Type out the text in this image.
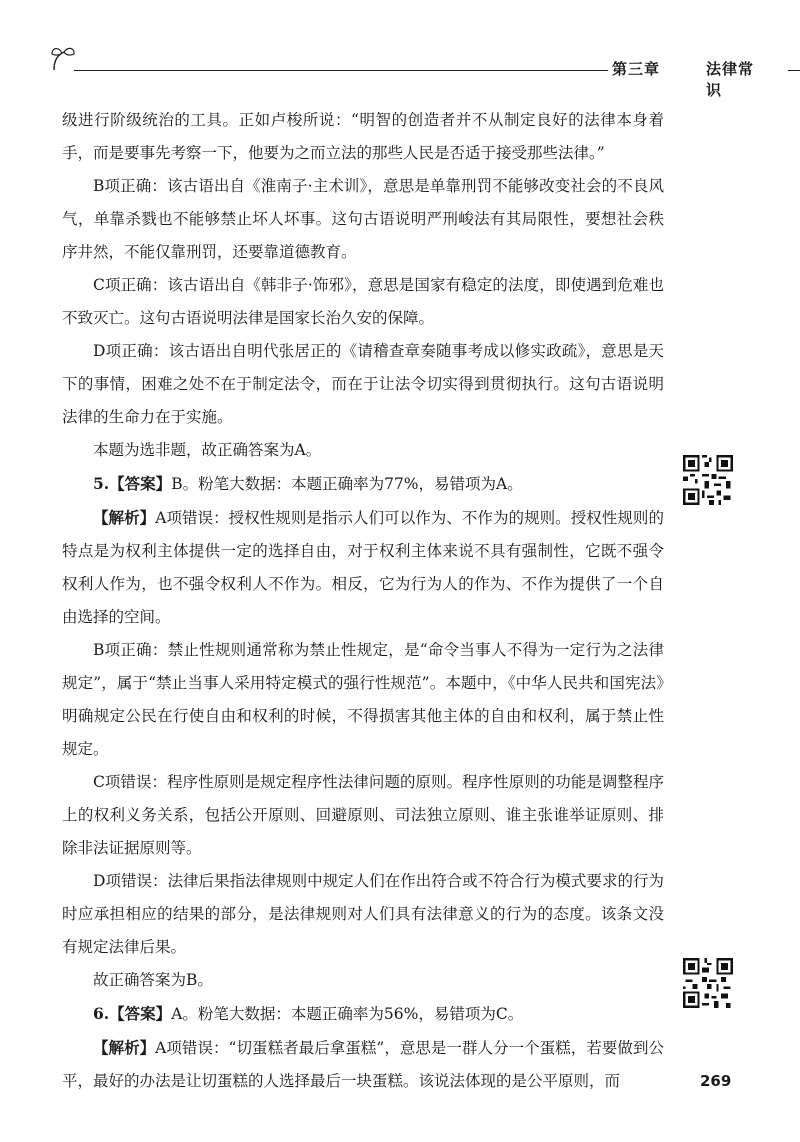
第三章	法律常识

级进行阶级统治的工具。正如卢梭所说：“明智的创造者并不从制定良好的法律本身着手，而是要事先考察一下，他要为之而立法的那些人民是否适于接受那些法律。”

B项正确：该古语出自《淮南子·主术训》，意思是单靠刑罚不能够改变社会的不良风气，单靠杀戮也不能够禁止坏人坏事。这句古语说明严刑峻法有其局限性，要想社会秩序井然，不能仅靠刑罚，还要靠道德教育。

C项正确：该古语出自《韩非子·饰邪》，意思是国家有稳定的法度，即使遇到危难也不致灭亡。这句古语说明法律是国家长治久安的保障。

D项正确：该古语出自明代张居正的《请稽查章奏随事考成以修实政疏》，意思是天下的事情，困难之处不在于制定法令，而在于让法令切实得到贯彻执行。这句古语说明法律的生命力在于实施。

本题为选非题，故正确答案为A。

5.【答案】B。粉笔大数据：本题正确率为77%，易错项为A。

【解析】A项错误：授权性规则是指示人们可以作为、不作为的规则。授权性规则的特点是为权利主体提供一定的选择自由，对于权利主体来说不具有强制性，它既不强令权利人作为，也不强令权利人不作为。相反，它为行为人的作为、不作为提供了一个自由选择的空间。

B项正确：禁止性规则通常称为禁止性规定，是“命令当事人不得为一定行为之法律规定”，属于“禁止当事人采用特定模式的强行性规范”。本题中，《中华人民共和国宪法》明确规定公民在行使自由和权利的时候，不得损害其他主体的自由和权利，属于禁止性规定。

C项错误：程序性原则是规定程序性法律问题的原则。程序性原则的功能是调整程序上的权利义务关系，包括公开原则、回避原则、司法独立原则、谁主张谁举证原则、排除非法证据原则等。

D项错误：法律后果指法律规则中规定人们在作出符合或不符合行为模式要求的行为时应承担相应的结果的部分，是法律规则对人们具有法律意义的行为的态度。该条文没有规定法律后果。

故正确答案为B。

6.【答案】A。粉笔大数据：本题正确率为56%，易错项为C。

【解析】A项错误：“切蛋糕者最后拿蛋糕”，意思是一群人分一个蛋糕，若要做到公平，最好的办法是让切蛋糕的人选择最后一块蛋糕。该说法体现的是公平原则，而	269
